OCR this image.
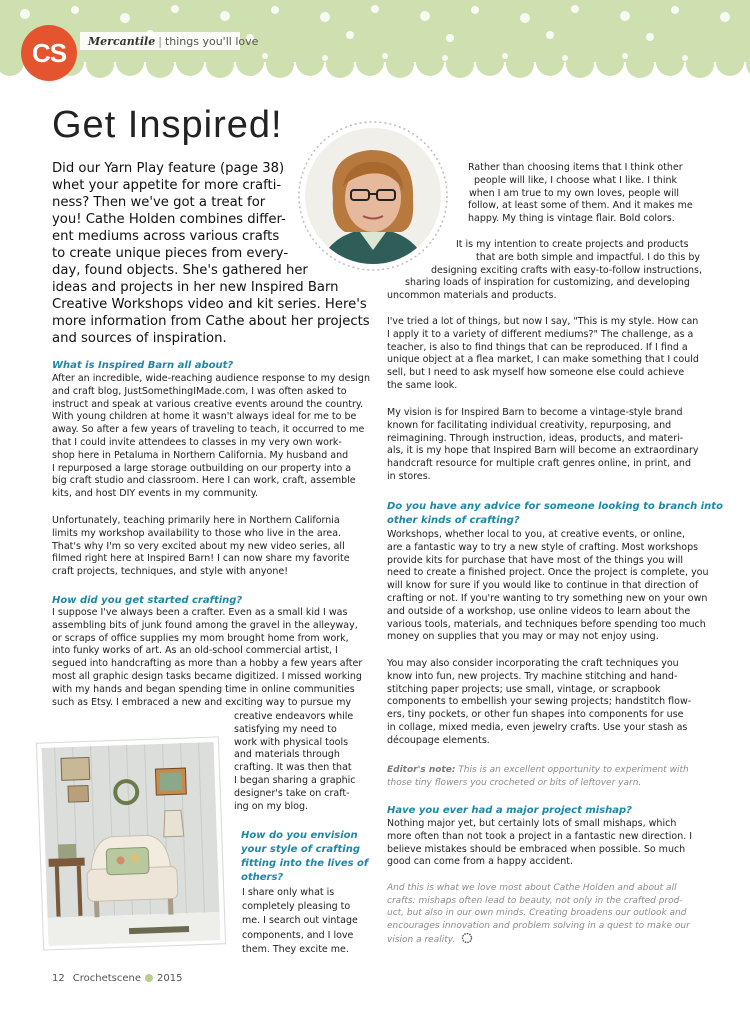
CS	Mercantile | things you'll love
Get Inspired!

Did our Yarn Play feature (page 38)

whet your appetite for more crafti-

ness? Then we've got a treat for

you! Cathe Holden combines differ-

ent mediums across various crafts

to create unique pieces from every-

day, found objects. She's gathered her

ideas and projects in her new Inspired Barn

Creative Workshops video and kit series. Here's

more information from Cathe about her projects

and sources of inspiration.

What is Inspired Barn all about?

After an incredible, wide-reaching audience response to my design
and craft blog, JustSomethingIMade.com, I was often asked to
instruct and speak at various creative events around the country.
With young children at home it wasn't always ideal for me to be
away. So after a few years of traveling to teach, it occurred to me
that I could invite attendees to classes in my very own work-
shop here in Petaluma in Northern California. My husband and
I repurposed a large storage outbuilding on our property into a
big craft studio and classroom. Here I can work, craft, assemble
kits, and host DIY events in my community.
Unfortunately, teaching primarily here in Northern California
limits my workshop availability to those who live in the area.
That's why I'm so very excited about my new video series, all
filmed right here at Inspired Barn! I can now share my favorite
craft projects, techniques, and style with anyone!

How did you get started crafting?

I suppose I've always been a crafter. Even as a small kid I was
assembling bits of junk found among the gravel in the alleyway,
or scraps of office supplies my mom brought home from work,
into funky works of art. As an old-school commercial artist, I
segued into handcrafting as more than a hobby a few years after
most all graphic design tasks became digitized. I missed working
with my hands and began spending time in online communities
such as Etsy. I embraced a new and exciting way to pursue my
creative endeavors while
satisfying my need to
work with physical tools
and materials through
crafting. It was then that
I began sharing a graphic
designer's take on craft-
ing on my blog.

How do you envision

your style of crafting

fitting into the lives of

others?

I share only what is
completely pleasing to
me. I search out vintage
components, and I love
them. They excite me.
Rather than choosing items that I think other
people will like, I choose what I like. I think
when I am true to my own loves, people will
follow, at least some of them. And it makes me
happy. My thing is vintage flair. Bold colors.
It is my intention to create projects and products
that are both simple and impactful. I do this by
designing exciting crafts with easy-to-follow instructions,
sharing loads of inspiration for customizing, and developing
uncommon materials and products.
I've tried a lot of things, but now I say, "This is my style. How can
I apply it to a variety of different mediums?" The challenge, as a
teacher, is also to find things that can be reproduced. If I find a
unique object at a flea market, I can make something that I could
sell, but I need to ask myself how someone else could achieve
the same look.
My vision is for Inspired Barn to become a vintage-style brand
known for facilitating individual creativity, repurposing, and
reimagining. Through instruction, ideas, products, and materi-
als, it is my hope that Inspired Barn will become an extraordinary
handcraft resource for multiple craft genres online, in print, and
in stores.

Do you have any advice for someone looking to branch into

other kinds of crafting?

Workshops, whether local to you, at creative events, or online,
are a fantastic way to try a new style of crafting. Most workshops
provide kits for purchase that have most of the things you will
need to create a finished project. Once the project is complete, you
will know for sure if you would like to continue in that direction of
crafting or not. If you're wanting to try something new on your own
and outside of a workshop, use online videos to learn about the
various tools, materials, and techniques before spending too much
money on supplies that you may or may not enjoy using.
You may also consider incorporating the craft techniques you
know into fun, new projects. Try machine stitching and hand-
stitching paper projects; use small, vintage, or scrapbook
components to embellish your sewing projects; handstitch flow-
ers, tiny pockets, or other fun shapes into components for use
in collage, mixed media, even jewelry crafts. Use your stash as
découpage elements.
Editor's note: This is an excellent opportunity to experiment with
those tiny flowers you crocheted or bits of leftover yarn.

Have you ever had a major project mishap?

Nothing major yet, but certainly lots of small mishaps, which
more often than not took a project in a fantastic new direction. I
believe mistakes should be embraced when possible. So much
good can come from a happy accident.
And this is what we love most about Cathe Holden and about all
crafts: mishaps often lead to beauty, not only in the crafted prod-
uct, but also in our own minds. Creating broadens our outlook and
encourages innovation and problem solving in a quest to make our
vision a reality.
12 Crochetscene 2015
